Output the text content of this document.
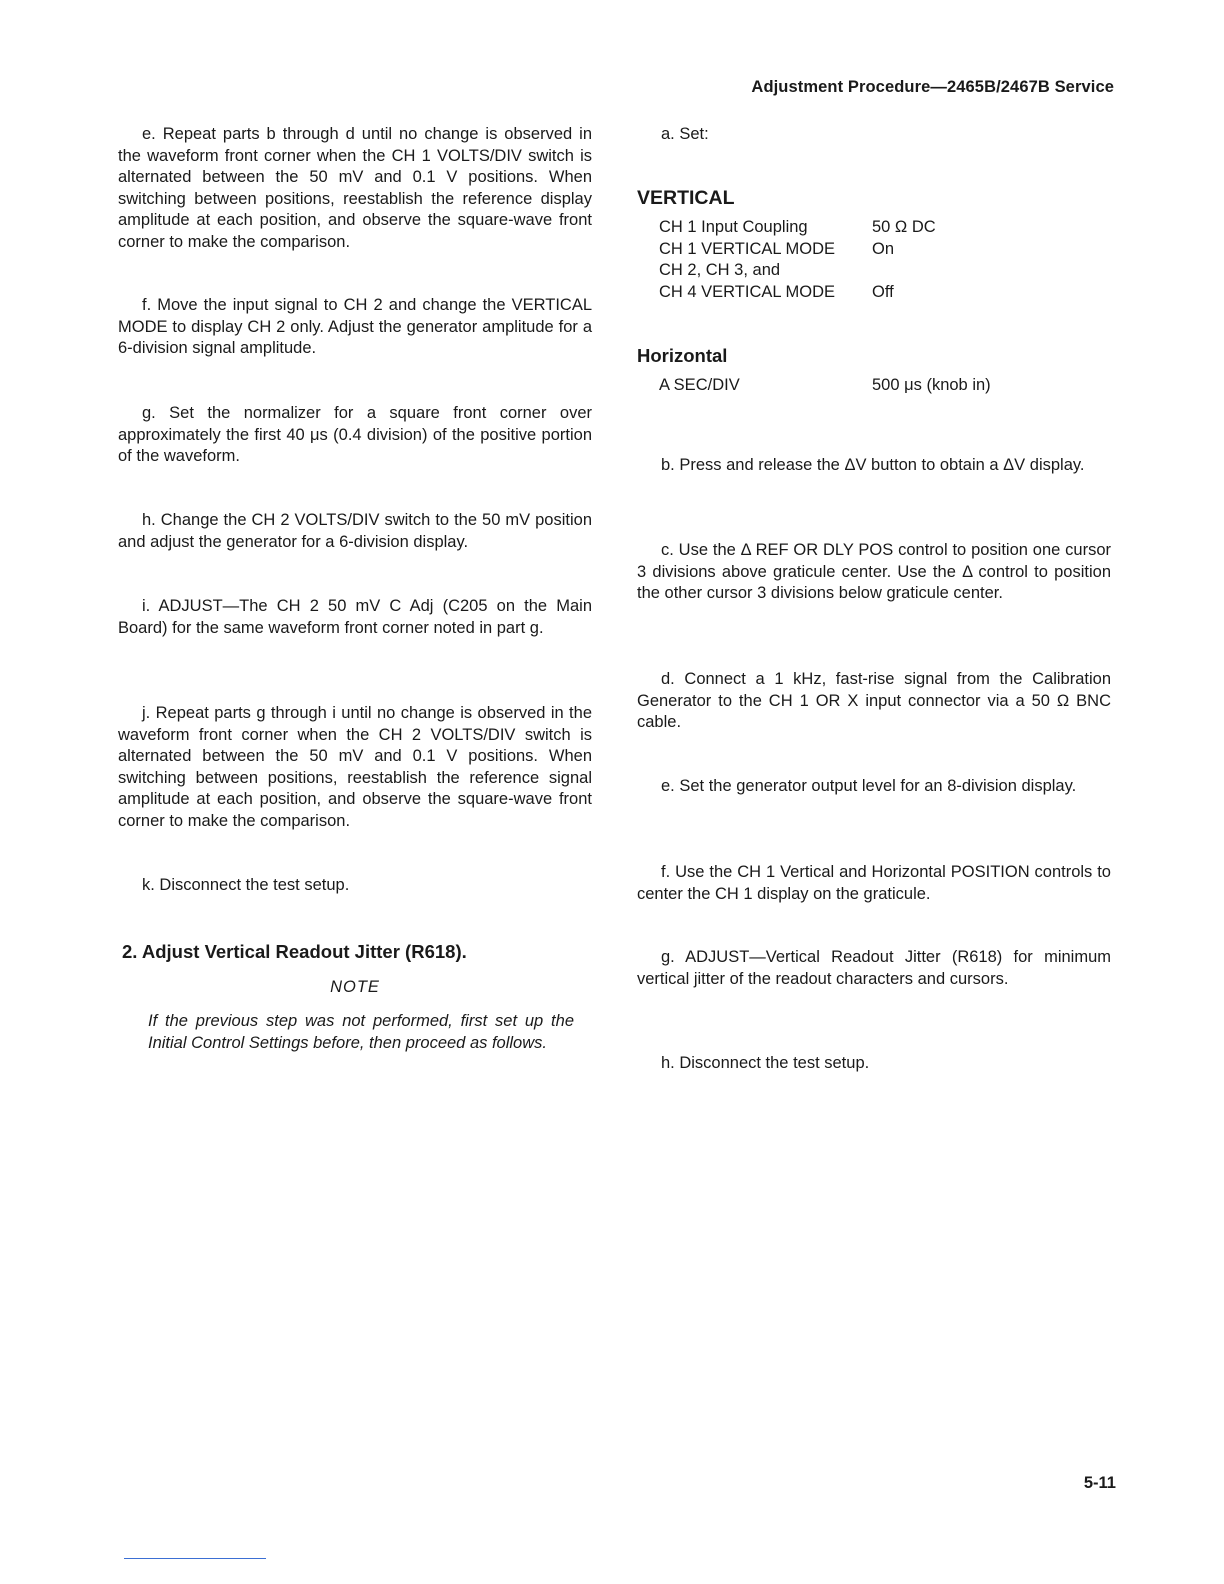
Adjustment Procedure—2465B/2467B Service

e. Repeat parts b through d until no change is observed in the waveform front corner when the CH 1 VOLTS/DIV switch is alternated between the 50 mV and 0.1 V positions. When switching between positions, reestablish the reference display amplitude at each position, and observe the square-wave front corner to make the comparison.

f. Move the input signal to CH 2 and change the VERTICAL MODE to display CH 2 only. Adjust the generator amplitude for a 6-division signal amplitude.

g. Set the normalizer for a square front corner over approximately the first 40 μs (0.4 division) of the positive portion of the waveform.

h. Change the CH 2 VOLTS/DIV switch to the 50 mV position and adjust the generator for a 6-division display.

i. ADJUST—The CH 2 50 mV C Adj (C205 on the Main Board) for the same waveform front corner noted in part g.

j. Repeat parts g through i until no change is observed in the waveform front corner when the CH 2 VOLTS/DIV switch is alternated between the 50 mV and 0.1 V positions. When switching between positions, reestablish the reference signal amplitude at each position, and observe the square-wave front corner to make the comparison.

k. Disconnect the test setup.

2. Adjust Vertical Readout Jitter (R618).
NOTE
If the previous step was not performed, first set up the Initial Control Settings before, then proceed as follows.

a. Set:

VERTICAL
CH 1 Input Coupling	50 Ω DC
CH 1 VERTICAL MODE	On
CH 2, CH 3, and
CH 4 VERTICAL MODE	Off
Horizontal
A SEC/DIV	500 μs (knob in)

b. Press and release the ΔV button to obtain a ΔV display.

c. Use the Δ REF OR DLY POS control to position one cursor 3 divisions above graticule center. Use the Δ control to position the other cursor 3 divisions below graticule center.

d. Connect a 1 kHz, fast-rise signal from the Calibration Generator to the CH 1 OR X input connector via a 50 Ω BNC cable.

e. Set the generator output level for an 8-division display.

f. Use the CH 1 Vertical and Horizontal POSITION controls to center the CH 1 display on the graticule.

g. ADJUST—Vertical Readout Jitter (R618) for minimum vertical jitter of the readout characters and cursors.

h. Disconnect the test setup.

5-11
